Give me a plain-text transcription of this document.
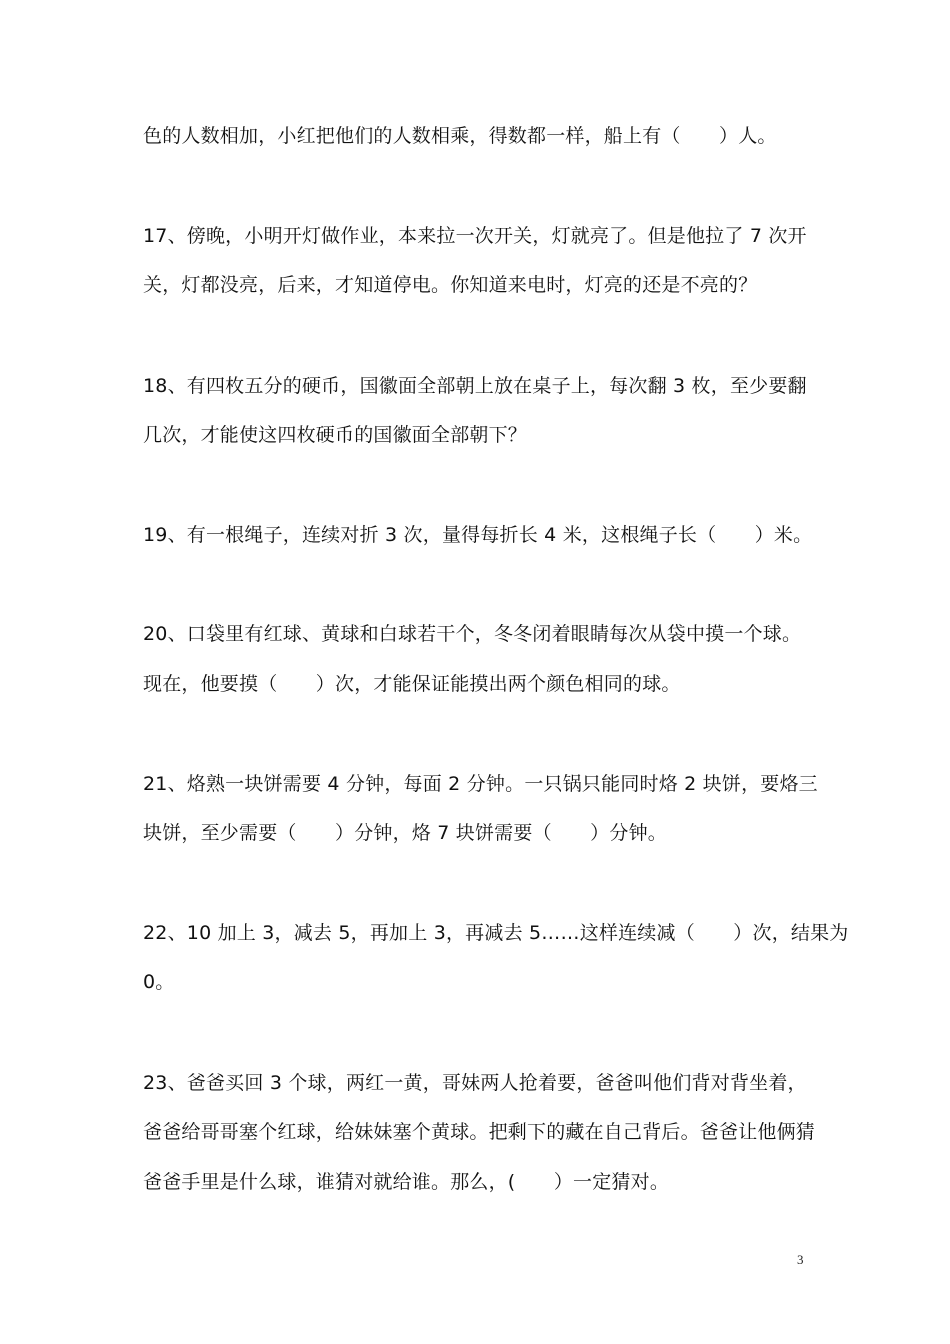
色的人数相加，小红把他们的人数相乘，得数都一样，船上有（　　）人。
17、傍晚，小明开灯做作业，本来拉一次开关，灯就亮了。但是他拉了 7 次开
关，灯都没亮，后来，才知道停电。你知道来电时，灯亮的还是不亮的？
18、有四枚五分的硬币，国徽面全部朝上放在桌子上，每次翻 3 枚，至少要翻
几次，才能使这四枚硬币的国徽面全部朝下？
19、有一根绳子，连续对折 3 次，量得每折长 4 米，这根绳子长（　　）米。
20、口袋里有红球、黄球和白球若干个，冬冬闭着眼睛每次从袋中摸一个球。
现在，他要摸（　　）次，才能保证能摸出两个颜色相同的球。
21、烙熟一块饼需要 4 分钟，每面 2 分钟。一只锅只能同时烙 2 块饼，要烙三
块饼，至少需要（　　）分钟，烙 7 块饼需要（　　）分钟。
22、10 加上 3，减去 5，再加上 3，再减去 5……这样连续减（　　）次，结果为
0。
23、爸爸买回 3 个球，两红一黄，哥妹两人抢着要，爸爸叫他们背对背坐着，
爸爸给哥哥塞个红球，给妹妹塞个黄球。把剩下的藏在自己背后。爸爸让他俩猜
爸爸手里是什么球，谁猜对就给谁。那么，(　　）一定猜对。
3
